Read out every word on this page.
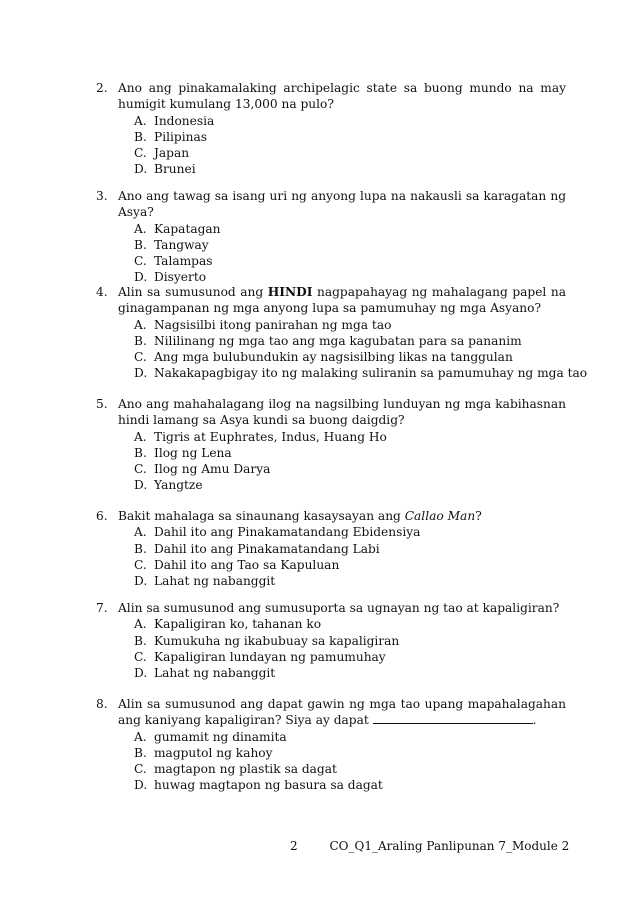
2. Ano ang pinakamalaking archipelagic state sa buong mundo na may humigit kumulang 13,000 na pulo?
A. Indonesia
B. Pilipinas
C. Japan
D. Brunei
3. Ano ang tawag sa isang uri ng anyong lupa na nakausli sa karagatan ng Asya?
A. Kapatagan
B. Tangway
C. Talampas
D. Disyerto
4. Alin sa sumusunod ang HINDI nagpapahayag ng mahalagang papel na ginagampanan ng mga anyong lupa sa pamumuhay ng mga Asyano?
A. Nagsisilbi itong panirahan ng mga tao
B. Nililinang ng mga tao ang mga kagubatan para sa pananim
C. Ang mga bulubundukin ay nagsisilbing likas na tanggulan
D. Nakakapagbigay ito ng malaking suliranin sa pamumuhay ng mga tao
5. Ano ang mahahalagang ilog na nagsilbing lunduyan ng mga kabihasnan hindi lamang sa Asya kundi sa buong daigdig?
A. Tigris at Euphrates, Indus, Huang Ho
B. Ilog ng Lena
C. Ilog ng Amu Darya
D. Yangtze
6. Bakit mahalaga sa sinaunang kasaysayan ang Callao Man?
A. Dahil ito ang Pinakamatandang Ebidensiya
B. Dahil ito ang Pinakamatandang Labi
C. Dahil ito ang Tao sa Kapuluan
D. Lahat ng nabanggit
7. Alin sa sumusunod ang sumusuporta sa ugnayan ng tao at kapaligiran?
A. Kapaligiran ko, tahanan ko
B. Kumukuha ng ikabubuay sa kapaligiran
C. Kapaligiran lundayan ng pamumuhay
D. Lahat ng nabanggit
8. Alin sa sumusunod ang dapat gawin ng mga tao upang mapahalagahan ang kaniyang kapaligiran? Siya ay dapat	.
A. gumamit ng dinamita
B. magputol ng kahoy
C. magtapon ng plastik sa dagat
D. huwag magtapon ng basura sa dagat
2	CO_Q1_Araling Panlipunan 7_Module 2
